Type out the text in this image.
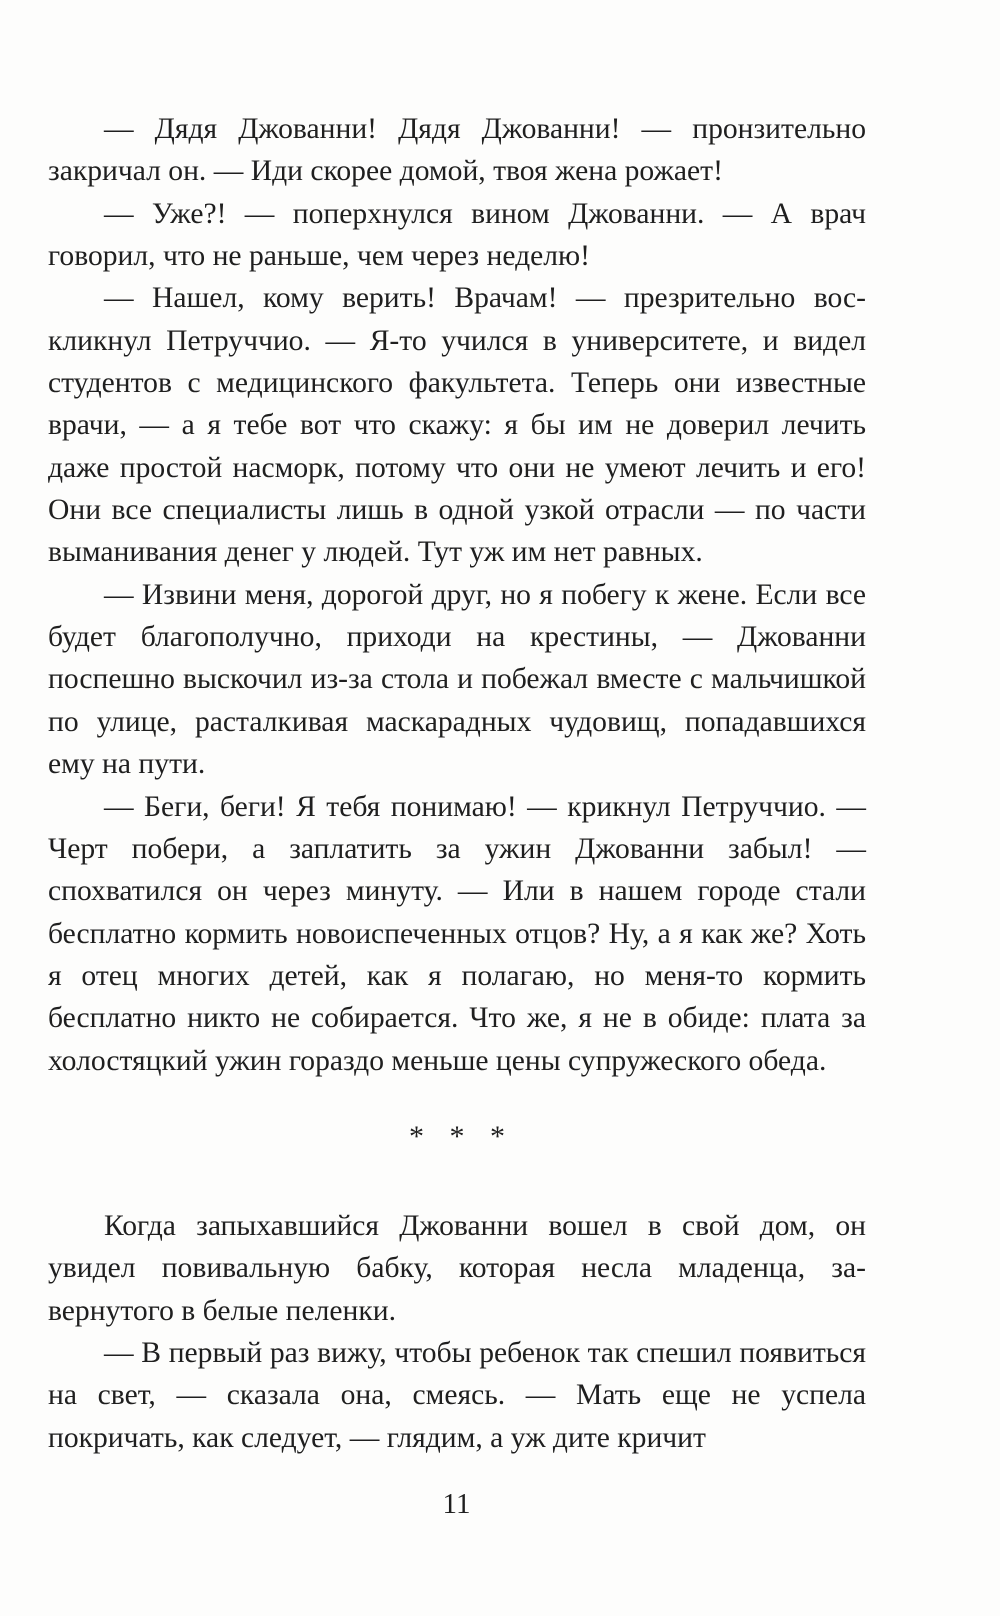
— Дядя Джованни! Дядя Джованни! — пронзительно закричал он. — Иди скорее домой, твоя жена рожает!

— Уже?! — поперхнулся вином Джованни. — А врач говорил, что не раньше, чем через неделю!

— Нашел, кому верить! Врачам! — презрительно воскликнул Петруччио. — Я-то учился в университете, и видел студентов с медицинского факультета. Теперь они известные врачи, — а я тебе вот что скажу: я бы им не доверил лечить даже простой насморк, потому что они не умеют лечить и его! Они все специалисты лишь в одной узкой отрасли — по части выманивания денег у людей. Тут уж им нет равных.

— Извини меня, дорогой друг, но я побегу к жене. Если все будет благополучно, приходи на крестины, — Джованни поспешно выскочил из-за стола и побежал вместе с мальчишкой по улице, расталкивая маскарадных чудовищ, попадавшихся ему на пути.

— Беги, беги! Я тебя понимаю! — крикнул Петруччио. — Черт побери, а заплатить за ужин Джованни забыл! — спохватился он через минуту. — Или в нашем городе стали бесплатно кормить новоиспеченных отцов? Ну, а я как же? Хоть я отец многих детей, как я полагаю, но меня-то кормить бесплатно никто не собирается. Что же, я не в обиде: плата за холостяцкий ужин гораздо меньше цены супружеского обеда.

* * *

Когда запыхавшийся Джованни вошел в свой дом, он увидел повивальную бабку, которая несла младенца, завернутого в белые пеленки.

— В первый раз вижу, чтобы ребенок так спешил появиться на свет, — сказала она, смеясь. — Мать еще не успела покричать, как следует, — глядим, а уж дите кричит

11
